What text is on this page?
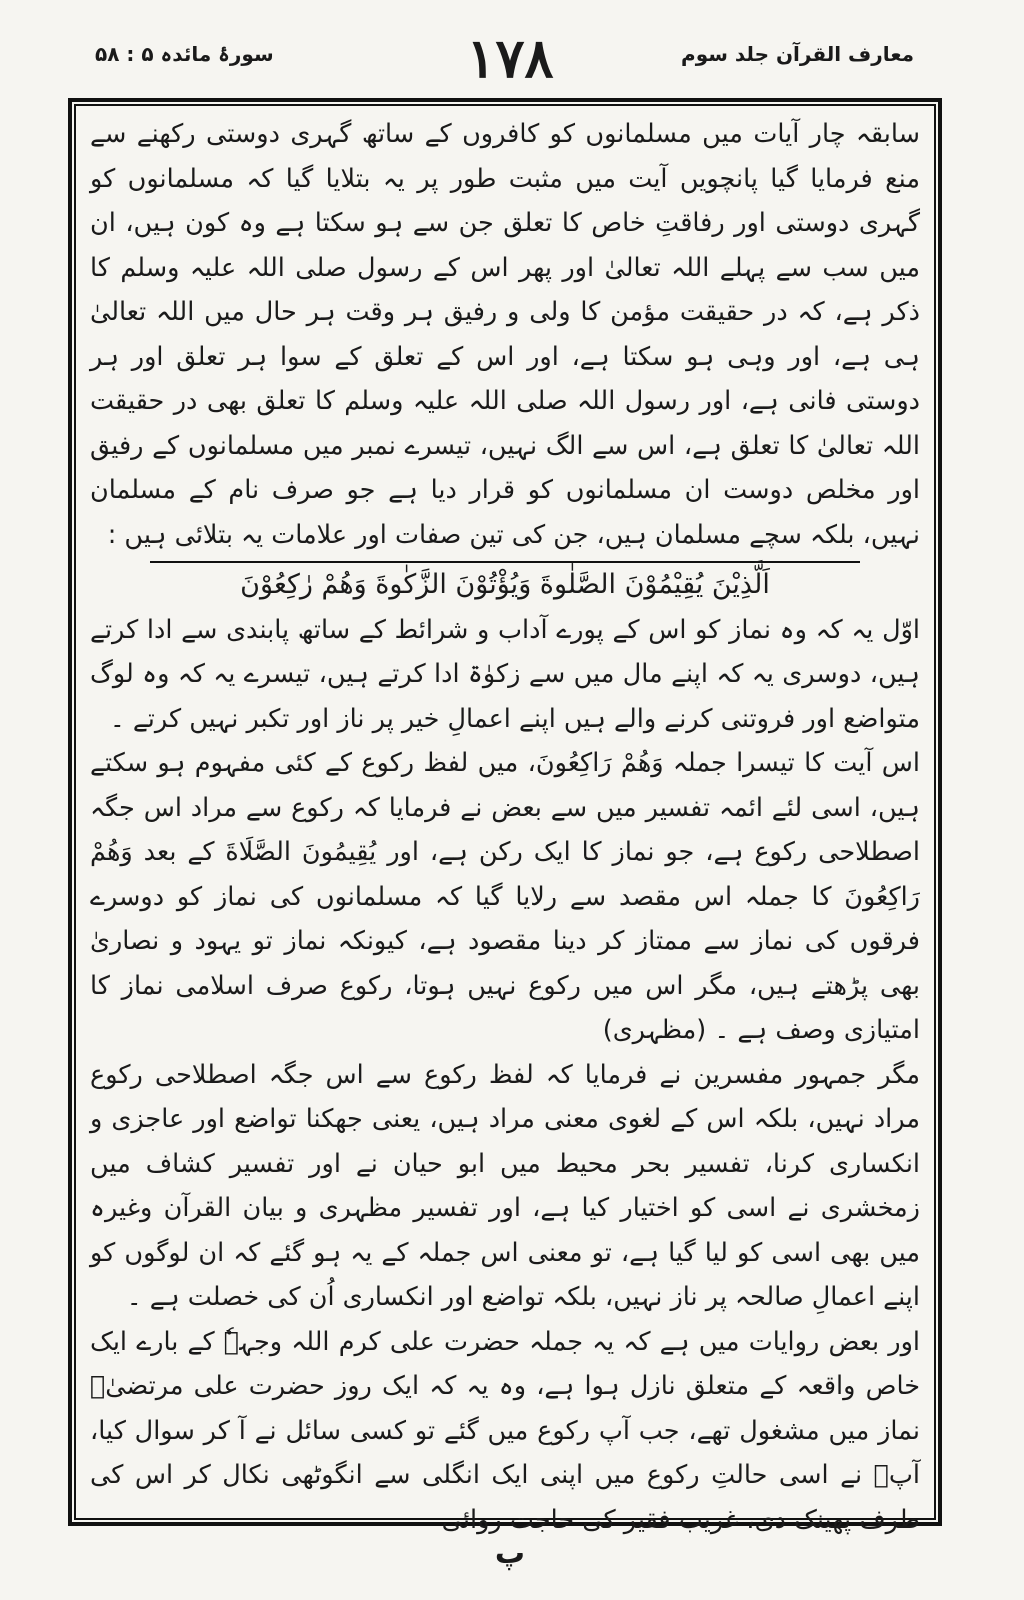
سورۂ مائدہ ۵ : ۵۸	۱۷۸	معارف القرآن جلد سوم

سابقہ چار آیات میں مسلمانوں کو کافروں کے ساتھ گہری دوستی رکھنے سے منع فرمایا گیا پانچویں آیت میں مثبت طور پر یہ بتلایا گیا کہ مسلمانوں کو گہری دوستی اور رفاقتِ خاص کا تعلق جن سے ہو سکتا ہے وہ کون ہیں، ان میں سب سے پہلے اللہ تعالیٰ اور پھر اس کے رسول صلی اللہ علیہ وسلم کا ذکر ہے، کہ در حقیقت مؤمن کا ولی و رفیق ہر وقت ہر حال میں اللہ تعالیٰ ہی ہے، اور وہی ہو سکتا ہے، اور اس کے تعلق کے سوا ہر تعلق اور ہر دوستی فانی ہے، اور رسول اللہ صلی اللہ علیہ وسلم کا تعلق بھی در حقیقت اللہ تعالیٰ کا تعلق ہے، اس سے الگ نہیں، تیسرے نمبر میں مسلمانوں کے رفیق اور مخلص دوست ان مسلمانوں کو قرار دیا ہے جو صرف نام کے مسلمان نہیں، بلکہ سچے مسلمان ہیں، جن کی تین صفات اور علامات یہ بتلائی ہیں :

اَلَّذِيْنَ يُقِيْمُوْنَ الصَّلٰوةَ وَيُؤْتُوْنَ الزَّكٰوةَ وَهُمْ رٰكِعُوْنَ

اوّل یہ کہ وہ نماز کو اس کے پورے آداب و شرائط کے ساتھ پابندی سے ادا کرتے ہیں، دوسری یہ کہ اپنے مال میں سے زکوٰۃ ادا کرتے ہیں، تیسرے یہ کہ وہ لوگ متواضع اور فروتنی کرنے والے ہیں اپنے اعمالِ خیر پر ناز اور تکبر نہیں کرتے ۔

اس آیت کا تیسرا جملہ وَهُمْ رَاكِعُونَ، میں لفظ رکوع کے کئی مفہوم ہو سکتے ہیں، اسی لئے ائمہ تفسیر میں سے بعض نے فرمایا کہ رکوع سے مراد اس جگہ اصطلاحی رکوع ہے، جو نماز کا ایک رکن ہے، اور يُقِيمُونَ الصَّلَاةَ کے بعد وَهُمْ رَاكِعُونَ کا جملہ اس مقصد سے رلایا گیا کہ مسلمانوں کی نماز کو دوسرے فرقوں کی نماز سے ممتاز کر دینا مقصود ہے، کیونکہ نماز تو یہود و نصاریٰ بھی پڑھتے ہیں، مگر اس میں رکوع نہیں ہوتا، رکوع صرف اسلامی نماز کا امتیازی وصف ہے ۔ (مظہری)

مگر جمہور مفسرین نے فرمایا کہ لفظ رکوع سے اس جگہ اصطلاحی رکوع مراد نہیں، بلکہ اس کے لغوی معنی مراد ہیں، یعنی جھکنا تواضع اور عاجزی و انکساری کرنا، تفسیر بحر محیط میں ابو حیان نے اور تفسیر کشاف میں زمخشری نے اسی کو اختیار کیا ہے، اور تفسیر مظہری و بیان القرآن وغیرہ میں بھی اسی کو لیا گیا ہے، تو معنی اس جملہ کے یہ ہو گئے کہ ان لوگوں کو اپنے اعمالِ صالحہ پر ناز نہیں، بلکہ تواضع اور انکساری اُن کی خصلت ہے ۔

اور بعض روایات میں ہے کہ یہ جملہ حضرت علی کرم اللہ وجہہٗ کے بارے ایک خاص واقعہ کے متعلق نازل ہوا ہے، وہ یہ کہ ایک روز حضرت علی مرتضیٰؓ نماز میں مشغول تھے، جب آپ رکوع میں گئے تو کسی سائل نے آ کر سوال کیا، آپؓ نے اسی حالتِ رکوع میں اپنی ایک انگلی سے انگوٹھی نکال کر اس کی طرف پھینک دی، غریب فقیر کی حاجت روائی

پ
